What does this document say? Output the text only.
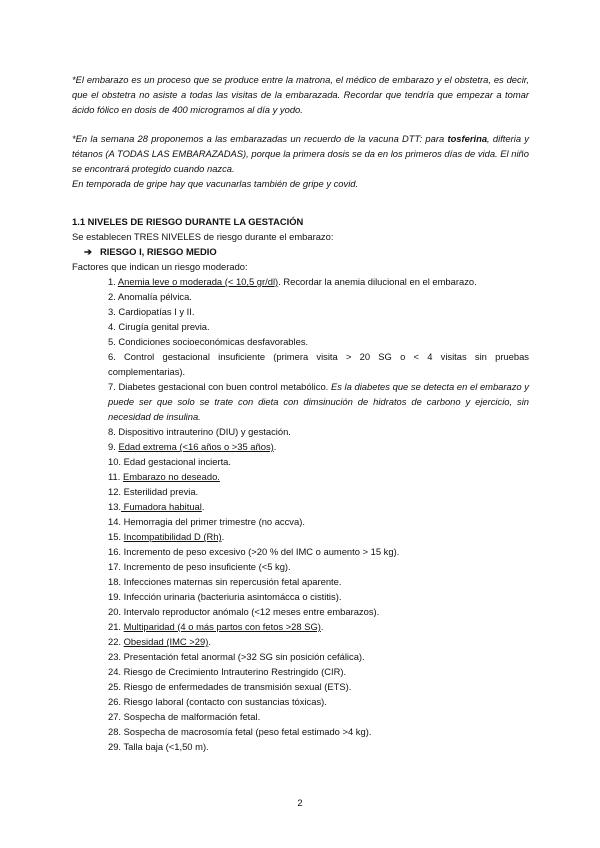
*El embarazo es un proceso que se produce entre la matrona, el médico de embarazo y el obstetra, es decir, que el obstetra no asiste a todas las visitas de la embarazada. Recordar que tendría que empezar a tomar ácido fólico en dosis de 400 microgramos al día y yodo.

*En la semana 28 proponemos a las embarazadas un recuerdo de la vacuna DTT: para tosferina, difteria y tétanos (A TODAS LAS EMBARAZADAS), porque la primera dosis se da en los primeros días de vida. El niño se encontrará protegido cuando nazca.

En temporada de gripe hay que vacunarlas también de gripe y covid.

1.1 NIVELES DE RIESGO DURANTE LA GESTACIÓN
Se establecen TRES NIVELES de riesgo durante el embarazo:
➔ RIESGO I, RIESGO MEDIO
Factores que indican un riesgo moderado:
1. Anemia leve o moderada (< 10,5 gr/dl). Recordar la anemia dilucional en el embarazo.
2. Anomalía pélvica.
3. Cardiopatías I y II.
4. Cirugía genital previa.
5. Condiciones socioeconómicas desfavorables.
6. Control gestacional insuficiente (primera visita > 20 SG o < 4 visitas sin pruebas complementarias).
7. Diabetes gestacional con buen control metabólico. Es la diabetes que se detecta en el embarazo y puede ser que solo se trate con dieta con dimsinución de hidratos de carbono y ejercicio, sin necesidad de insulina.
8. Dispositivo intrauterino (DIU) y gestación.
9. Edad extrema (<16 años o >35 años).
10. Edad gestacional incierta.
11. Embarazo no deseado.
12. Esterilidad previa.
13. Fumadora habitual.
14. Hemorragia del primer trimestre (no accva).
15. Incompatibilidad D (Rh).
16. Incremento de peso excesivo (>20 % del IMC o aumento > 15 kg).
17. Incremento de peso insuficiente (<5 kg).
18. Infecciones maternas sin repercusión fetal aparente.
19. Infección urinaria (bacteriuria asintomácca o cistitis).
20. Intervalo reproductor anómalo (<12 meses entre embarazos).
21. Multiparidad (4 o más partos con fetos >28 SG).
22. Obesidad (IMC >29).
23. Presentación fetal anormal (>32 SG sin posición cefálica).
24. Riesgo de Crecimiento Intrauterino Restringido (CIR).
25. Riesgo de enfermedades de transmisión sexual (ETS).
26. Riesgo laboral (contacto con sustancias tóxicas).
27. Sospecha de malformación fetal.
28. Sospecha de macrosomía fetal (peso fetal estimado >4 kg).
29. Talla baja (<1,50 m).
2
